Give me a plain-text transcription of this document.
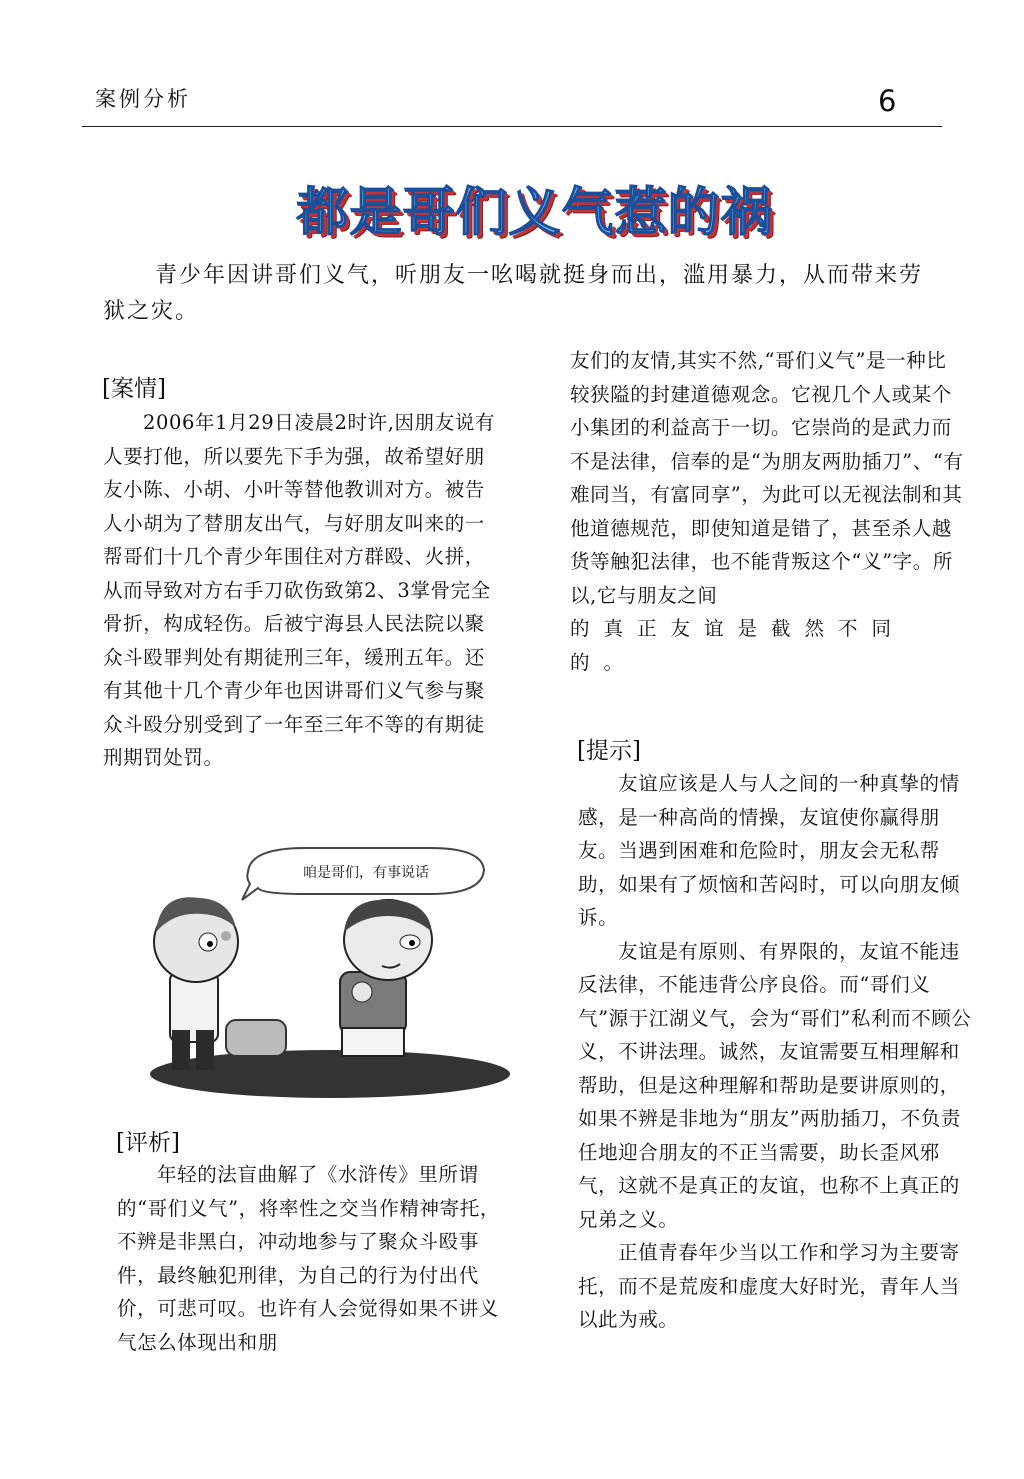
案例分析	6
都是哥们义气惹的祸
青少年因讲哥们义气，听朋友一吆喝就挺身而出，滥用暴力，从而带来劳狱之灾。
[案情]

2006年1月29日凌晨2时许,因朋友说有人要打他，所以要先下手为强，故希望好朋友小陈、小胡、小叶等替他教训对方。被告人小胡为了替朋友出气，与好朋友叫来的一帮哥们十几个青少年围住对方群殴、火拼，从而导致对方右手刀砍伤致第2、3掌骨完全骨折，构成轻伤。后被宁海县人民法院以聚众斗殴罪判处有期徒刑三年，缓刑五年。还有其他十几个青少年也因讲哥们义气参与聚众斗殴分别受到了一年至三年不等的有期徒刑期罚处罚。

咱是哥们，有事说话
[评析]

年轻的法盲曲解了《水浒传》里所谓的“哥们义气”，将率性之交当作精神寄托，不辨是非黑白，冲动地参与了聚众斗殴事件，最终触犯刑律，为自己的行为付出代价，可悲可叹。也许有人会觉得如果不讲义气怎么体现出和朋

友们的友情,其实不然,“哥们义气”是一种比较狭隘的封建道德观念。它视几个人或某个小集团的利益高于一切。它崇尚的是武力而不是法律，信奉的是“为朋友两肋插刀”、“有难同当，有富同享”，为此可以无视法制和其他道德规范，即使知道是错了，甚至杀人越货等触犯法律，也不能背叛这个“义”字。所以,它与朋友之间

的真正友谊是截然不同的。

[提示]

友谊应该是人与人之间的一种真挚的情感，是一种高尚的情操，友谊使你赢得朋友。当遇到困难和危险时，朋友会无私帮助，如果有了烦恼和苦闷时，可以向朋友倾诉。

友谊是有原则、有界限的，友谊不能违反法律，不能违背公序良俗。而“哥们义气”源于江湖义气，会为“哥们”私利而不顾公义，不讲法理。诚然，友谊需要互相理解和帮助，但是这种理解和帮助是要讲原则的，如果不辨是非地为“朋友”两肋插刀，不负责任地迎合朋友的不正当需要，助长歪风邪气，这就不是真正的友谊，也称不上真正的兄弟之义。

正值青春年少当以工作和学习为主要寄托，而不是荒废和虚度大好时光，青年人当以此为戒。
